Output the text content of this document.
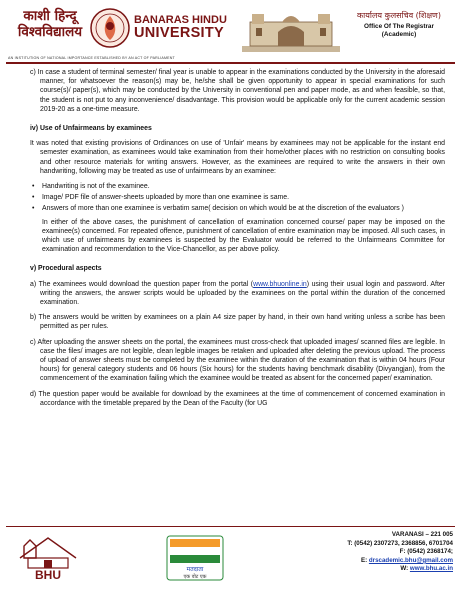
काशी हिन्दू
विश्वविद्यालय
BANARAS HINDU
UNIVERSITY
कार्यालय कुलसचिव (शिक्षण)
Office Of The Registrar
(Academic)
AN INSTITUTION OF NATIONAL IMPORTANCE ESTABLISHED BY AN ACT OF PARLIAMENT

c) In case a student of terminal semester/ final year is unable to appear in the examinations conducted by the University in the aforesaid manner, for whatsoever the reason(s) may be, he/she shall be given opportunity to appear in special examinations for such course(s)/ paper(s), which may be conducted by the University in conventional pen and paper mode, as and when feasible, so that, the student is not put to any inconvenience/ disadvantage. This provision would be applicable only for the current academic session 2019-20 as a one-time measure.

iv) Use of Unfairmeans by examinees

It was noted that existing provisions of Ordinances on use of 'Unfair' means by examinees may not be applicable for the instant end semester examination, as examinees would take examination from their home/other places with no restriction on consulting books and other resource materials for writing answers. However, as the examinees are required to write the answers in their own handwriting, following may be treated as use of unfairmeans by an examinee:

• Handwriting is not of the examinee.
• Image/ PDF file of answer-sheets uploaded by more than one examinee is same.
• Answers of more than one examinee is verbatim same( decision on which would be at the discretion of the evaluators )

In either of the above cases, the punishment of cancellation of examination concerned course/ paper may be imposed on the examinee(s) concerned. For repeated offence, punishment of cancellation of entire examination may be imposed. All such cases, in which use of unfairmeans by examinees is suspected by the Evaluator would be referred to the Unfairmeans Committee for examination and recommendation to the Vice-Chancellor, as per above policy.

v) Procedural aspects

a) The examinees would download the question paper from the portal (www.bhuonline.in) using their usual login and password. After writing the answers, the answer scripts would be uploaded by the examinees on the portal within the duration of the concerned examination.

b) The answers would be written by examinees on a plain A4 size paper by hand, in their own hand writing unless a scribe has been permitted as per rules.

c) After uploading the answer sheets on the portal, the examinees must cross-check that uploaded images/ scanned files are legible. In case the files/ images are not legible, clean legible images be retaken and uploaded after deleting the previous upload. The process of upload of answer sheets must be completed by the examinee within the duration of the examination that is within 04 hours (Four hours) for general category students and 06 hours (Six hours) for the students having benchmark disability (Divyangjan), from the commencement of the examination failing which the examinee would be treated as absent for the concerned paper/ examination.

d) The question paper would be available for download by the examinees at the time of commencement of concerned examination in accordance with the timetable prepared by the Dean of the Faculty (for UG

BHU	मतदाता
एक वोट एक
VARANASI – 221 005
T: (0542) 2307273, 2368856, 6701704
F: (0542) 2368174;
E: drscademic.bhu@gmail.com
W: www.bhu.ac.in
